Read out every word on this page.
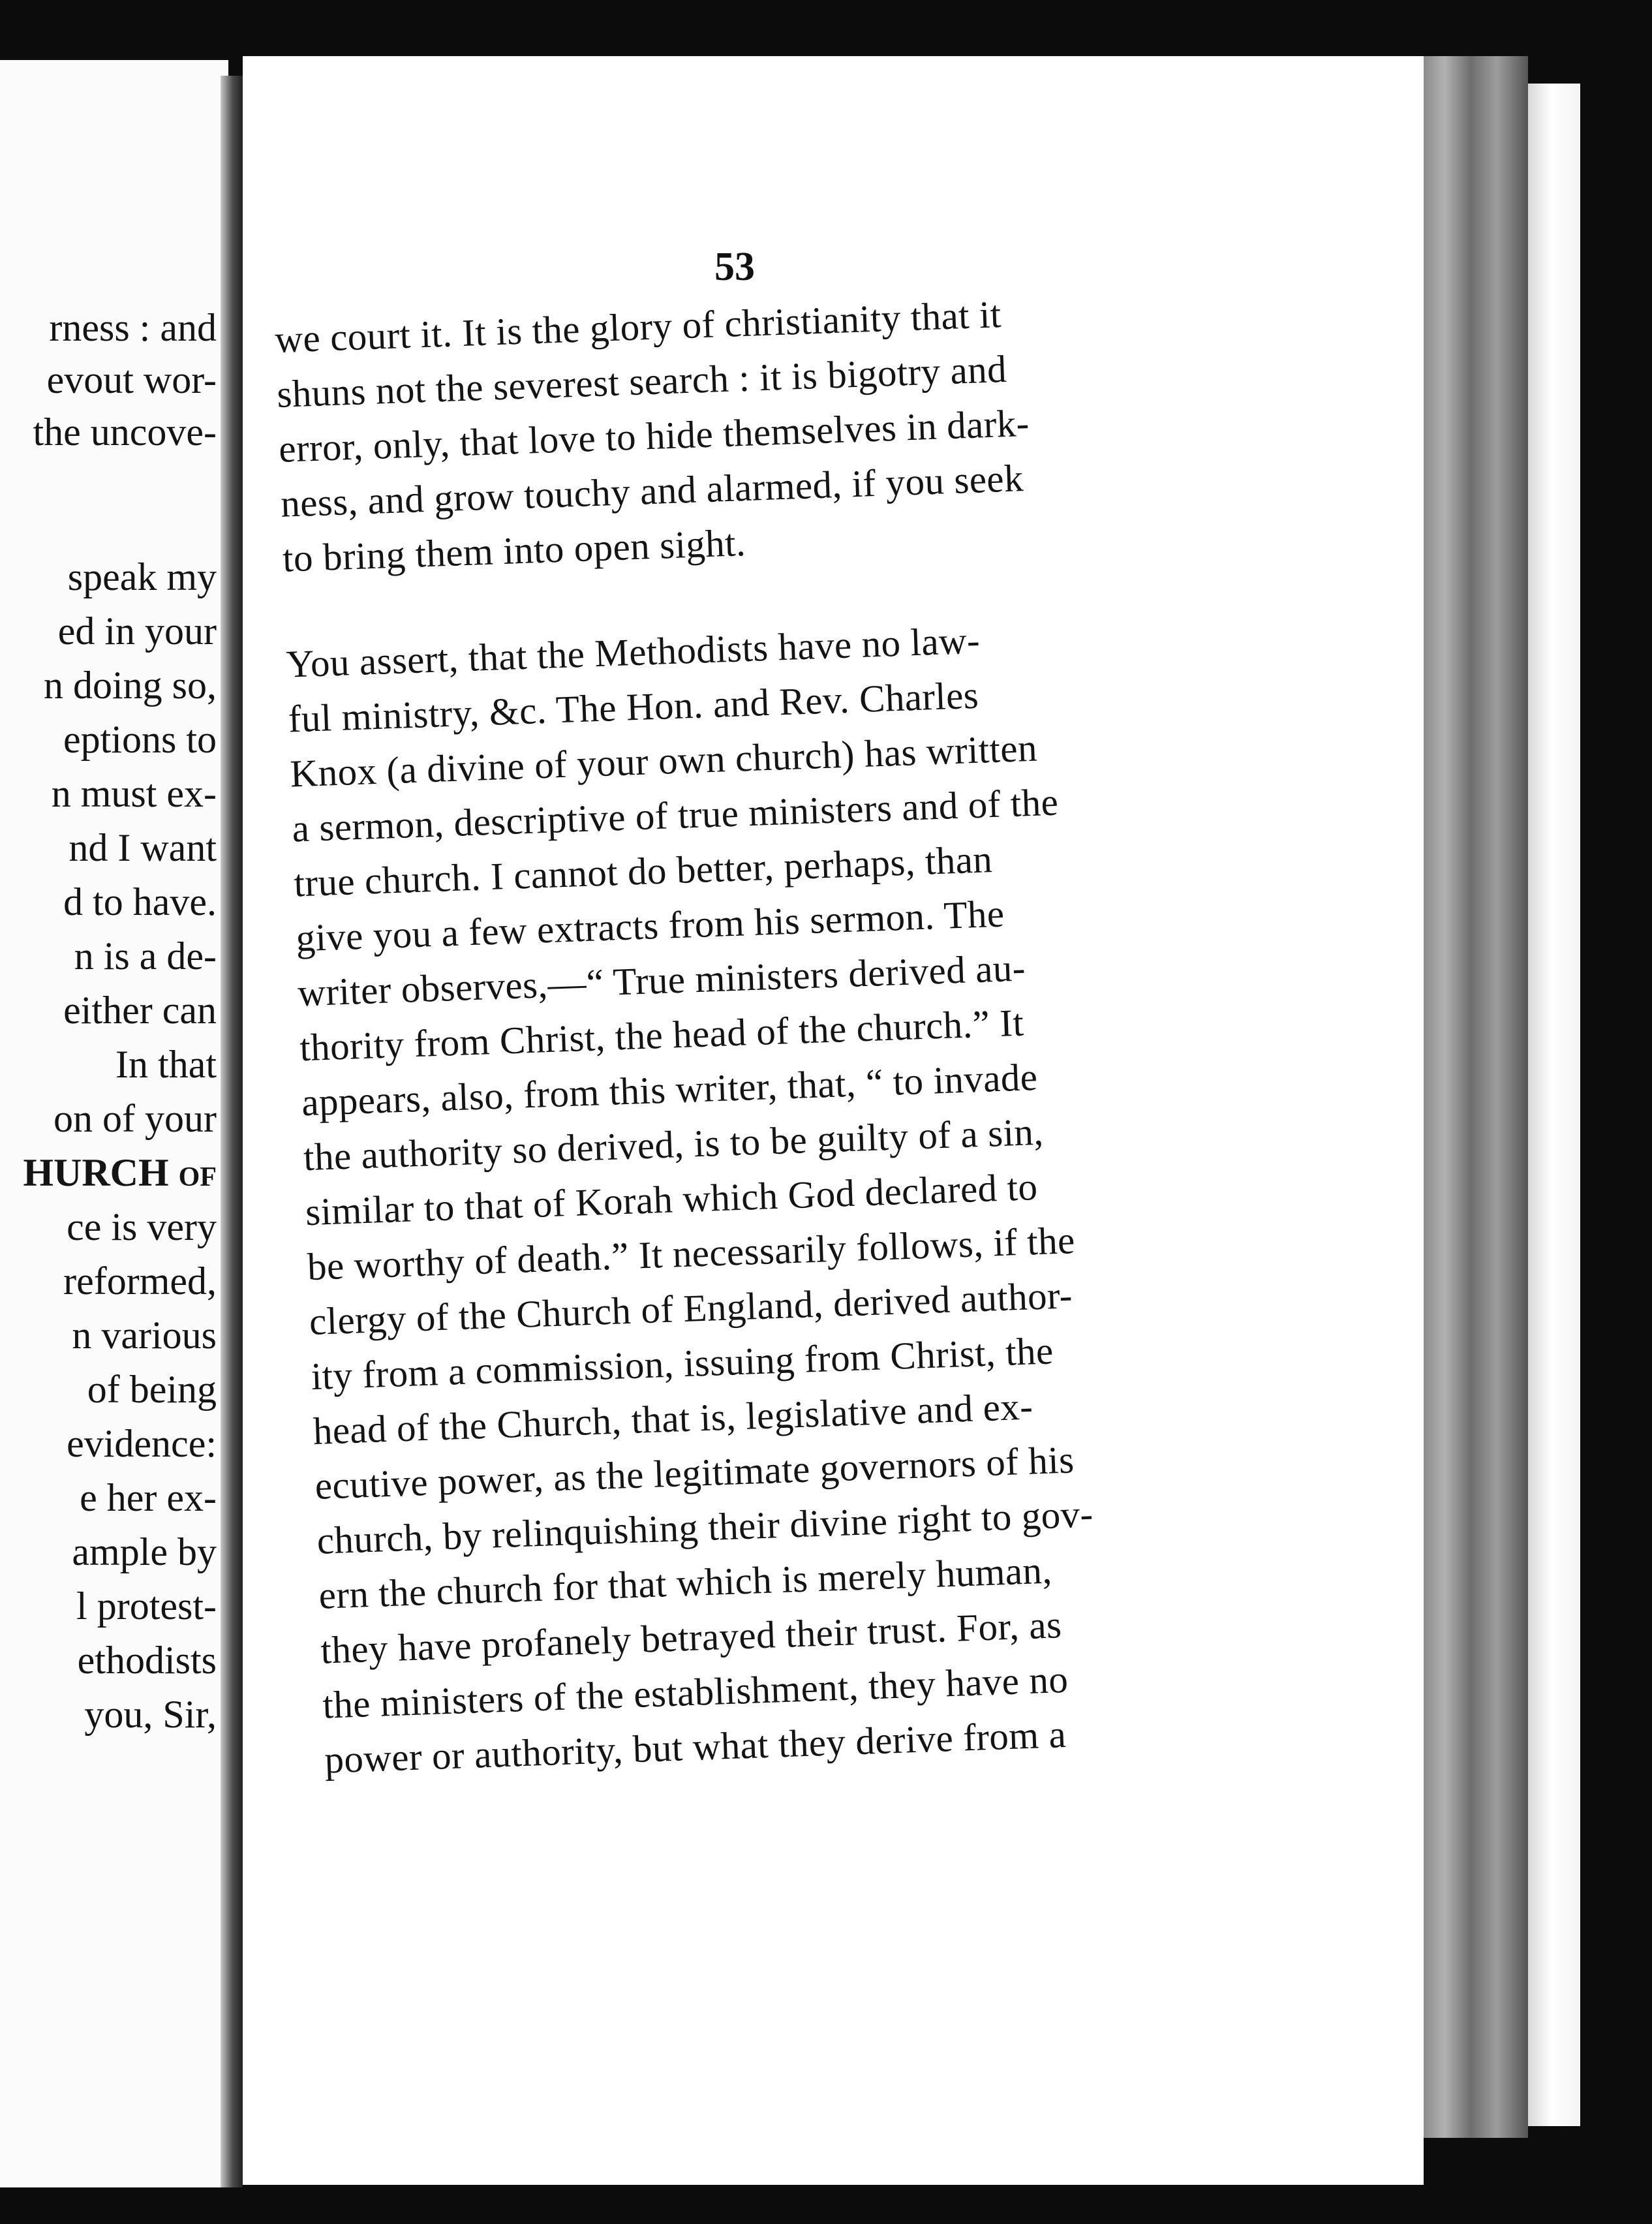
rness : and

evout wor-

the uncove-

speak my

ed in your

n doing so,

eptions to

n must ex-

nd I want

d to have.

n is a de-

either can

In that

on of your

HURCH of

ce is very

reformed,

n various

of being

evidence:

e her ex-

ample by

l protest-

ethodists

you, Sir,

53

we court it. It is the glory of christianity that it
shuns not the severest search : it is bigotry and
error, only, that love to hide themselves in dark-
ness, and grow touchy and alarmed, if you seek
to bring them into open sight.
You assert, that the Methodists have no law-
ful ministry, &c. The Hon. and Rev. Charles
Knox (a divine of your own church) has written
a sermon, descriptive of true ministers and of the
true church. I cannot do better, perhaps, than
give you a few extracts from his sermon. The
writer observes,—“ True ministers derived au-
thority from Christ, the head of the church.” It
appears, also, from this writer, that, “ to invade
the authority so derived, is to be guilty of a sin,
similar to that of Korah which God declared to
be worthy of death.” It necessarily follows, if the
clergy of the Church of England, derived author-
ity from a commission, issuing from Christ, the
head of the Church, that is, legislative and ex-
ecutive power, as the legitimate governors of his
church, by relinquishing their divine right to gov-
ern the church for that which is merely human,
they have profanely betrayed their trust. For, as
the ministers of the establishment, they have no
power or authority, but what they derive from a
